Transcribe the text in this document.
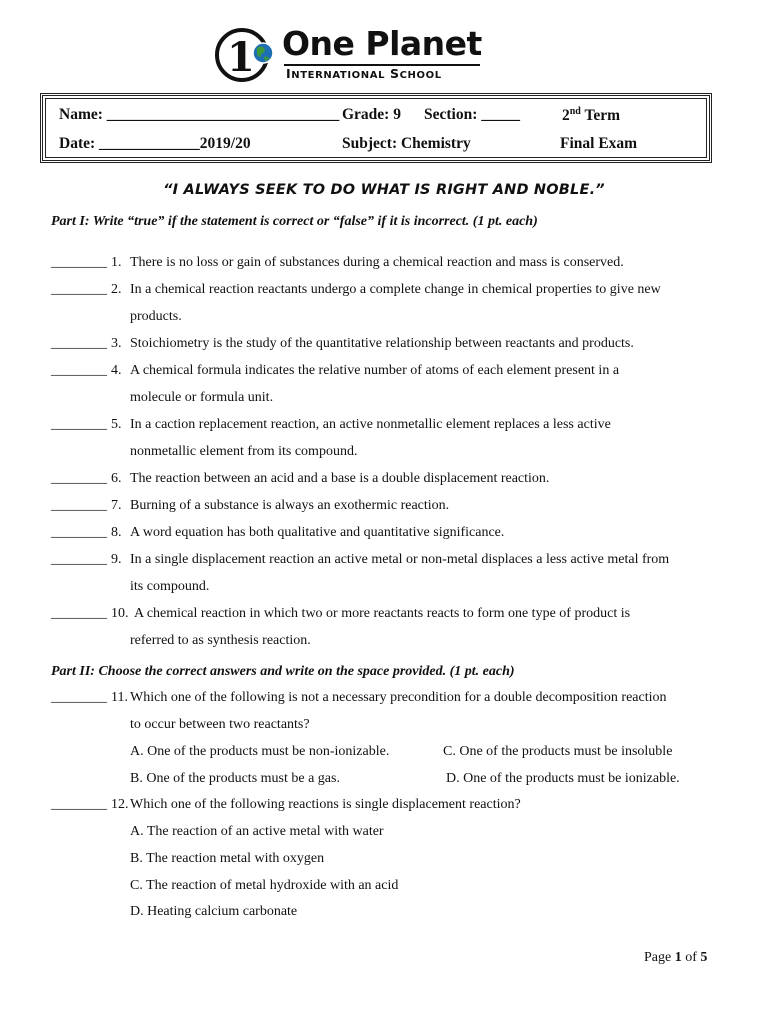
1 One Planet
INTERNATIONAL SCHOOL
Name: ______________________________ Grade: 9 Section: _____	2nd Term
Date: _____________2019/20	Subject: Chemistry	Final Exam
“I ALWAYS SEEK TO DO WHAT IS RIGHT AND NOBLE.”
Part I: Write “true” if the statement is correct or “false” if it is incorrect. (1 pt. each)
________ 1. There is no loss or gain of substances during a chemical reaction and mass is conserved.
________ 2. In a chemical reaction reactants undergo a complete change in chemical properties to give new
products.
________ 3. Stoichiometry is the study of the quantitative relationship between reactants and products.
________ 4. A chemical formula indicates the relative number of atoms of each element present in a
molecule or formula unit.
________ 5. In a caction replacement reaction, an active nonmetallic element replaces a less active
nonmetallic element from its compound.
________ 6. The reaction between an acid and a base is a double displacement reaction.
________ 7. Burning of a substance is always an exothermic reaction.
________ 8. A word equation has both qualitative and quantitative significance.
________ 9. In a single displacement reaction an active metal or non-metal displaces a less active metal from
its compound.
________ 10. A chemical reaction in which two or more reactants reacts to form one type of product is
referred to as synthesis reaction.
Part II: Choose the correct answers and write on the space provided. (1 pt. each)
________ 11. Which one of the following is not a necessary precondition for a double decomposition reaction
to occur between two reactants?
A. One of the products must be non-ionizable.	C. One of the products must be insoluble
B. One of the products must be a gas.	D. One of the products must be ionizable.
________ 12. Which one of the following reactions is single displacement reaction?
A. The reaction of an active metal with water
B. The reaction metal with oxygen
C. The reaction of metal hydroxide with an acid
D. Heating calcium carbonate
Page 1 of 5
